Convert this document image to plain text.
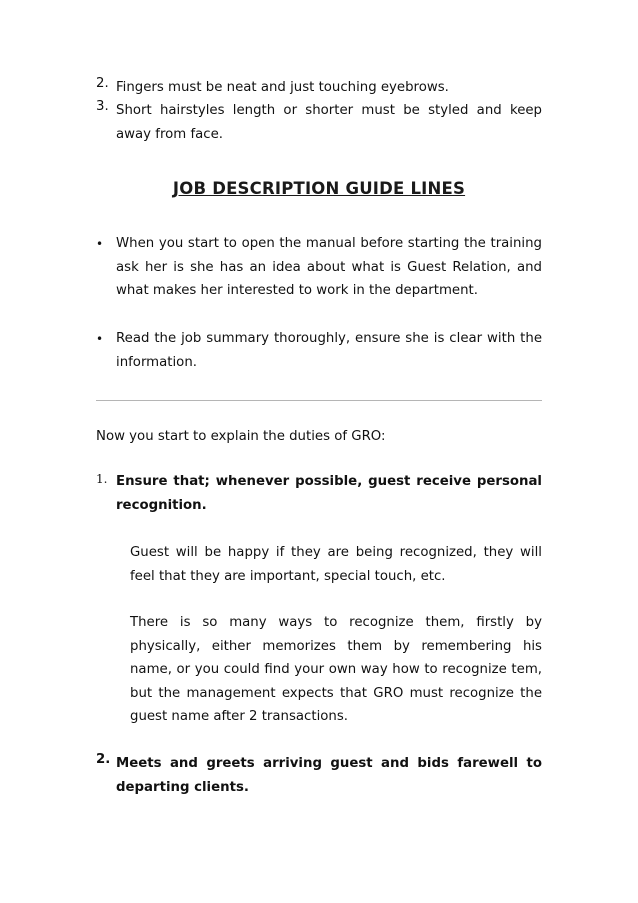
2. Fingers must be neat and just touching eyebrows.
3. Short hairstyles length or shorter must be styled and keep away from face.
JOB DESCRIPTION GUIDE LINES
• When you start to open the manual before starting the training ask her is she has an idea about what is Guest Relation, and what makes her interested to work in the department.
• Read the job summary thoroughly, ensure she is clear with the information.
Now you start to explain the duties of GRO:
1. Ensure that; whenever possible, guest receive personal recognition.
Guest will be happy if they are being recognized, they will feel that they are important, special touch, etc.
There is so many ways to recognize them, firstly by physically, either memorizes them by remembering his name, or you could find your own way how to recognize tem, but the management expects that GRO must recognize the guest name after 2 transactions.
2. Meets and greets arriving guest and bids farewell to departing clients.
